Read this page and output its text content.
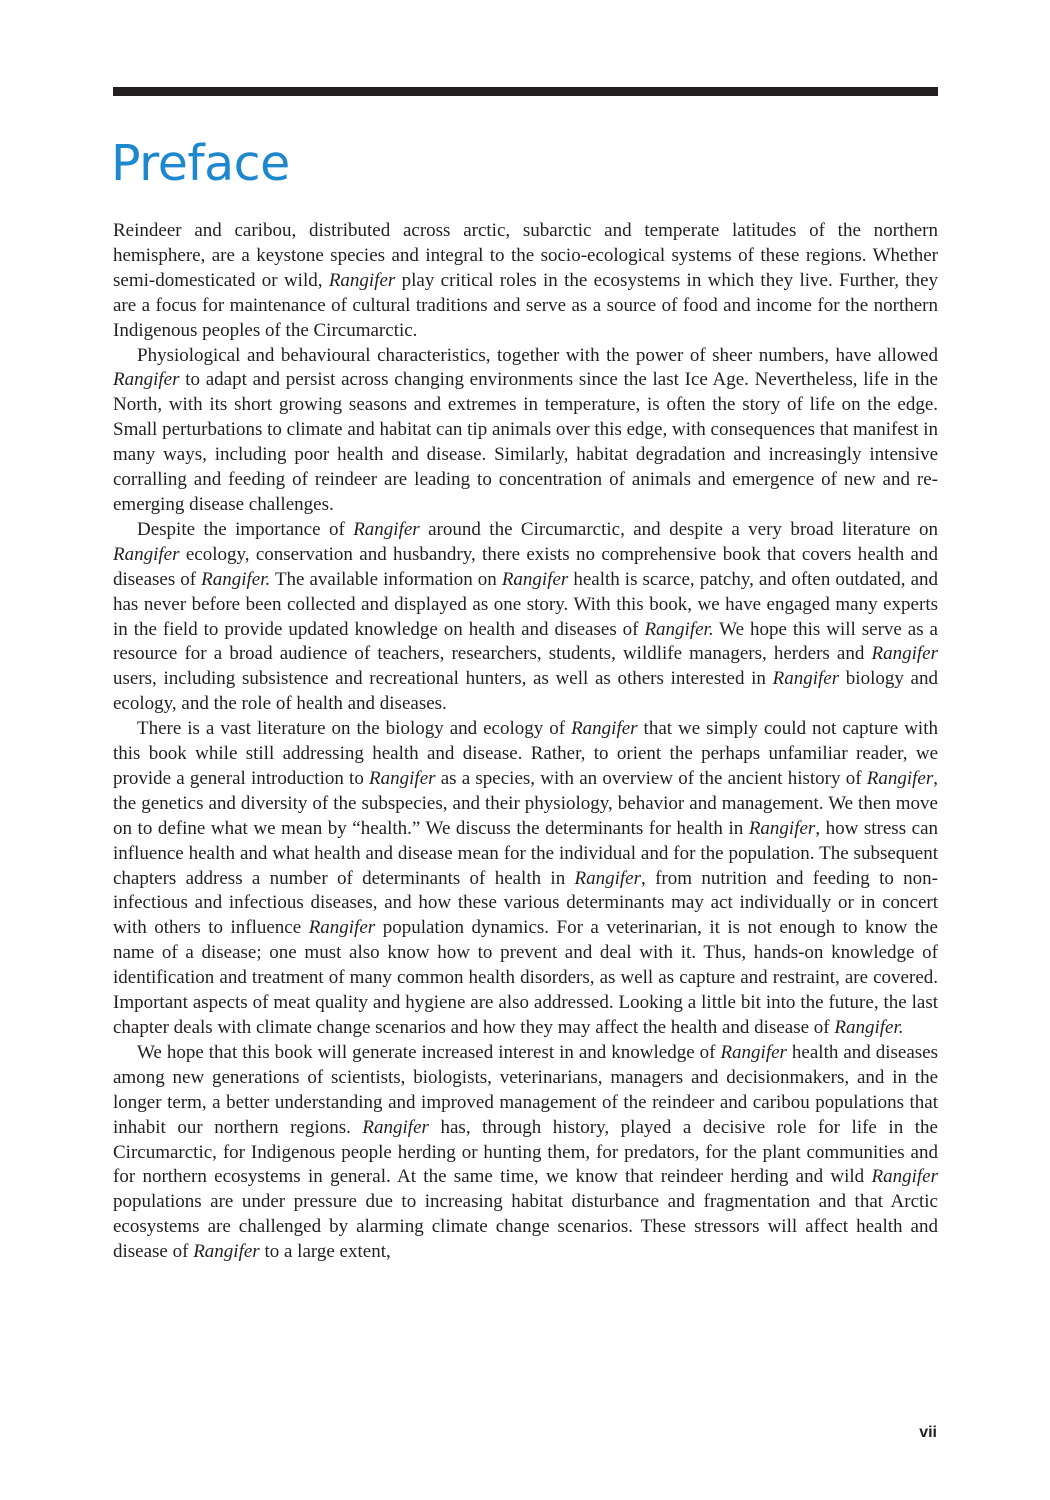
Preface

Reindeer and caribou, distributed across arctic, subarctic and temperate latitudes of the northern hemisphere, are a keystone species and integral to the socio-ecological systems of these regions. Whether semi-domesticated or wild, Rangifer play critical roles in the ecosystems in which they live. Further, they are a focus for maintenance of cultural traditions and serve as a source of food and income for the northern Indigenous peoples of the Circumarctic.

Physiological and behavioural characteristics, together with the power of sheer numbers, have allowed Rangifer to adapt and persist across changing environments since the last Ice Age. Nevertheless, life in the North, with its short growing seasons and extremes in temperature, is often the story of life on the edge. Small perturbations to climate and habitat can tip animals over this edge, with consequences that manifest in many ways, including poor health and disease. Similarly, habitat degradation and increasingly intensive corralling and feeding of reindeer are leading to concentration of animals and emergence of new and re-emerging disease challenges.

Despite the importance of Rangifer around the Circumarctic, and despite a very broad literature on Rangifer ecology, conservation and husbandry, there exists no comprehensive book that covers health and diseases of Rangifer. The available information on Rangifer health is scarce, patchy, and often outdated, and has never before been collected and displayed as one story. With this book, we have engaged many experts in the field to provide updated knowledge on health and diseases of Rangifer. We hope this will serve as a resource for a broad audience of teachers, researchers, students, wildlife managers, herders and Rangifer users, including subsistence and recreational hunters, as well as others interested in Rangifer biology and ecology, and the role of health and diseases.

There is a vast literature on the biology and ecology of Rangifer that we simply could not capture with this book while still addressing health and disease. Rather, to orient the perhaps unfamiliar reader, we provide a general introduction to Rangifer as a species, with an overview of the ancient history of Rangifer, the genetics and diversity of the subspecies, and their physiology, behavior and management. We then move on to define what we mean by “health.” We discuss the determinants for health in Rangifer, how stress can influence health and what health and disease mean for the individual and for the population. The subsequent chapters address a number of determinants of health in Rangifer, from nutrition and feeding to non-infectious and infectious diseases, and how these various determinants may act individually or in concert with others to influence Rangifer population dynamics. For a veterinarian, it is not enough to know the name of a disease; one must also know how to prevent and deal with it. Thus, hands-on knowledge of identification and treatment of many common health disorders, as well as capture and restraint, are covered. Important aspects of meat quality and hygiene are also addressed. Looking a little bit into the future, the last chapter deals with climate change scenarios and how they may affect the health and disease of Rangifer.

We hope that this book will generate increased interest in and knowledge of Rangifer health and diseases among new generations of scientists, biologists, veterinarians, managers and decisionmakers, and in the longer term, a better understanding and improved management of the reindeer and caribou populations that inhabit our northern regions. Rangifer has, through history, played a decisive role for life in the Circumarctic, for Indigenous people herding or hunting them, for predators, for the plant communities and for northern ecosystems in general. At the same time, we know that reindeer herding and wild Rangifer populations are under pressure due to increasing habitat disturbance and fragmentation and that Arctic ecosystems are challenged by alarming climate change scenarios. These stressors will affect health and disease of Rangifer to a large extent,

vii
